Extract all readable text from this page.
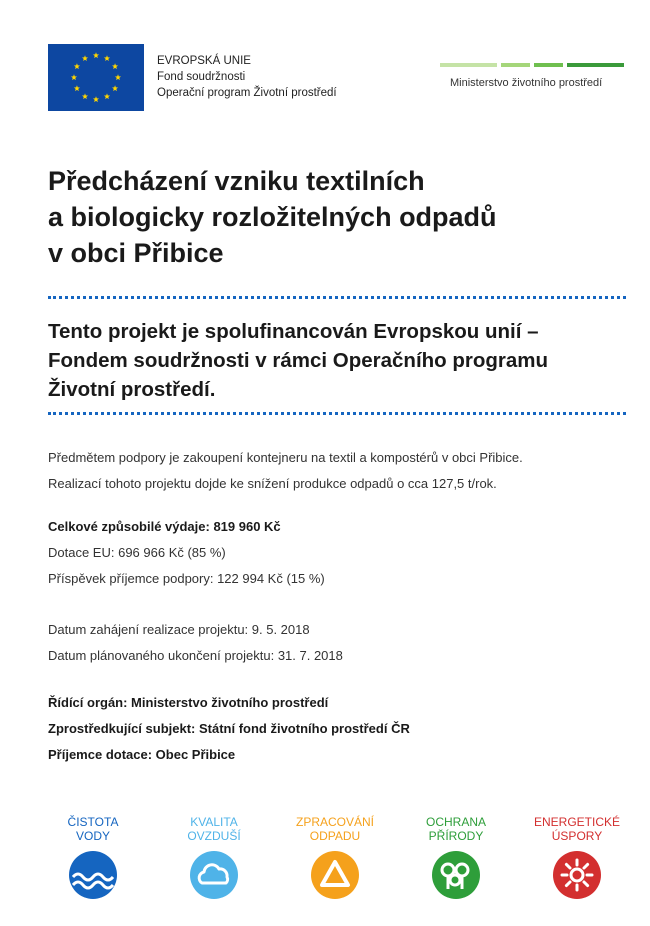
EVROPSKÁ UNIE
Fond soudržnosti
Operační program Životní prostředí
Ministerstvo životního prostředí
Předcházení vzniku textilních
a biologicky rozložitelných odpadů
v obci Přibice
Tento projekt je spolufinancován Evropskou unií –
Fondem soudržnosti v rámci Operačního programu
Životní prostředí.
Předmětem podpory je zakoupení kontejneru na textil a kompostérů v obci Přibice.
Realizací tohoto projektu dojde ke snížení produkce odpadů o cca 127,5 t/rok.
Celkové způsobilé výdaje: 819 960 Kč
Dotace EU: 696 966 Kč (85 %)
Příspěvek příjemce podpory: 122 994 Kč (15 %)
Datum zahájení realizace projektu: 9. 5. 2018
Datum plánovaného ukončení projektu: 31. 7. 2018
Řídící orgán: Ministerstvo životního prostředí
Zprostředkující subjekt: Státní fond životního prostředí ČR
Příjemce dotace: Obec Přibice
ČISTOTA
VODY
KVALITA
OVZDUŠÍ
ZPRACOVÁNÍ
ODPADU
OCHRANA
PŘÍRODY
ENERGETICKÉ
ÚSPORY
